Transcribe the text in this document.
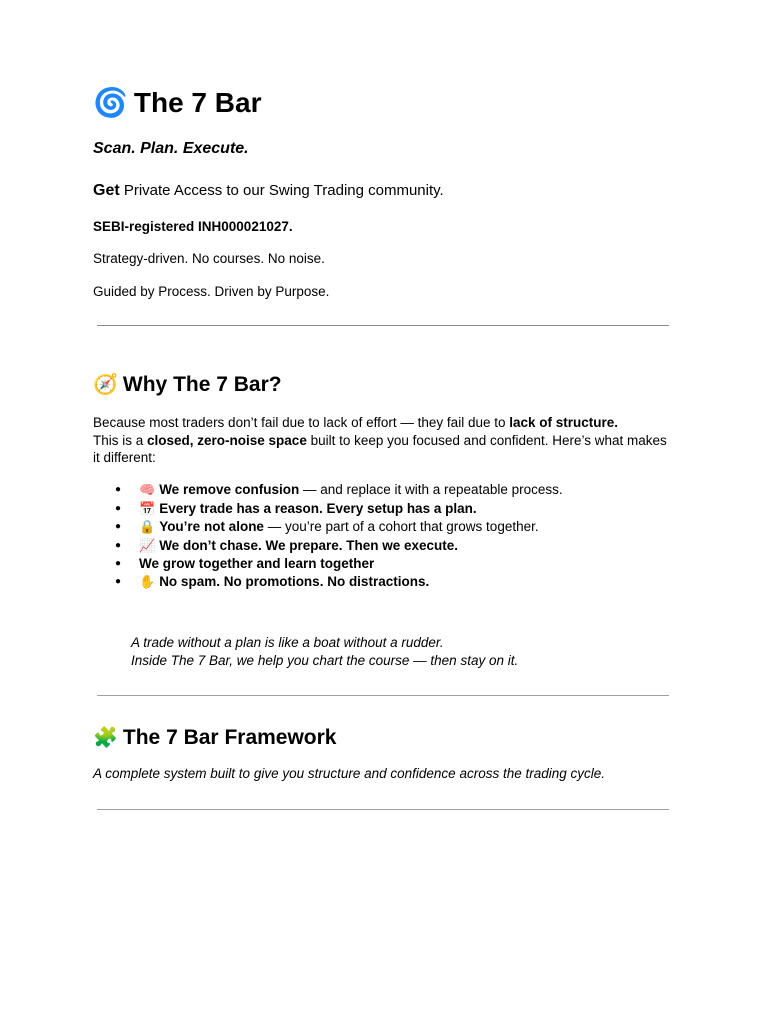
🌀 The 7 Bar
Scan. Plan. Execute.
Get Private Access to our Swing Trading community.
SEBI-registered INH000021027.
Strategy-driven. No courses. No noise.
Guided by Process. Driven by Purpose.
🧭 Why The 7 Bar?
Because most traders don’t fail due to lack of effort — they fail due to lack of structure.
This is a closed, zero-noise space built to keep you focused and confident. Here’s what makes it different:
● 🧠 We remove confusion — and replace it with a repeatable process.
● 📅 Every trade has a reason. Every setup has a plan.
● 🔒 You’re not alone — you’re part of a cohort that grows together.
● 📈 We don’t chase. We prepare. Then we execute.
● We grow together and learn together
● ✋ No spam. No promotions. No distractions.
A trade without a plan is like a boat without a rudder.
Inside The 7 Bar, we help you chart the course — then stay on it.
🧩 The 7 Bar Framework
A complete system built to give you structure and confidence across the trading cycle.
